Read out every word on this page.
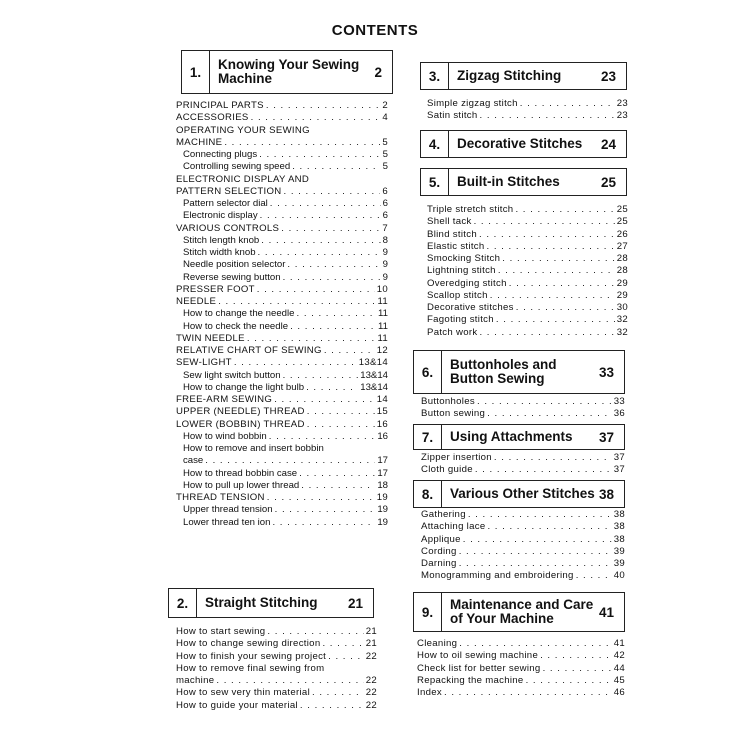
CONTENTS
1.	Knowing Your Sewing
Machine	2
PRINCIPAL PARTS . . .	2
ACCESSORIES . . .	4
OPERATING YOUR SEWING
MACHINE . . .	5
Connecting plugs . . .	5
Controlling sewing speed . . .	5
ELECTRONIC DISPLAY AND
PATTERN SELECTION . . .	6
Pattern selector dial . . .	6
Electronic display . . .	6
VARIOUS CONTROLS . . .	7
Stitch length knob . . .	8
Stitch width knob . . .	9
Needle position selector . . .	9
Reverse sewing button . . .	9
PRESSER FOOT . . .	10
NEEDLE . . .	11
How to change the needle . . .	11
How to check the needle . . .	11
TWIN NEEDLE . . .	11
RELATIVE CHART OF SEWING . . .	12
SEW-LIGHT . . .	13&14
Sew light switch button . . .	13&14
How to change the light bulb . . .	13&14
FREE-ARM SEWING . . .	14
UPPER (NEEDLE) THREAD . . .	15
LOWER (BOBBIN) THREAD . . .	16
How to wind bobbin . . .	16
How to remove and insert bobbin
case . . .	17
How to thread bobbin case . . .	17
How to pull up lower thread . . .	18
THREAD TENSION . . .	19
Upper thread tension . . .	19
Lower thread ten ion . . .	19
2.	Straight Stitching	21
How to start sewing . . .	21
How to change sewing direction . . .	21
How to finish your sewing project . . .	22
How to remove final sewing from
machine . . .	22
How to sew very thin material . . .	22
How to guide your material . . .	22
3.	Zigzag Stitching	23
Simple zigzag stitch . . .	23
Satin stitch . . .	23
4.	Decorative Stitches	24
5.	Built-in Stitches	25
Triple stretch stitch . . .	25
Shell tack . . .	25
Blind stitch . . .	26
Elastic stitch . . .	27
Smocking Stitch . . .	28
Lightning stitch . . .	28
Overedging stitch . . .	29
Scallop stitch . . .	29
Decorative stitches . . .	30
Fagoting stitch . . .	32
Patch work . . .	32
6.	Buttonholes and
Button Sewing	33
Buttonholes . . .	33
Button sewing . . .	36
7.	Using Attachments	37
Zipper insertion . . .	37
Cloth guide . . .	37
8.	Various Other Stitches 38
Gathering . . .	38
Attaching lace . . .	38
Applique . . .	38
Cording . . .	39
Darning . . .	39
Monogramming and embroidering . . .	40
9.	Maintenance and Care
of Your Machine	41
Cleaning . . .	41
How to oil sewing machine . . .	42
Check list for better sewing . . .	44
Repacking the machine . . .	45
Index . . .	46
